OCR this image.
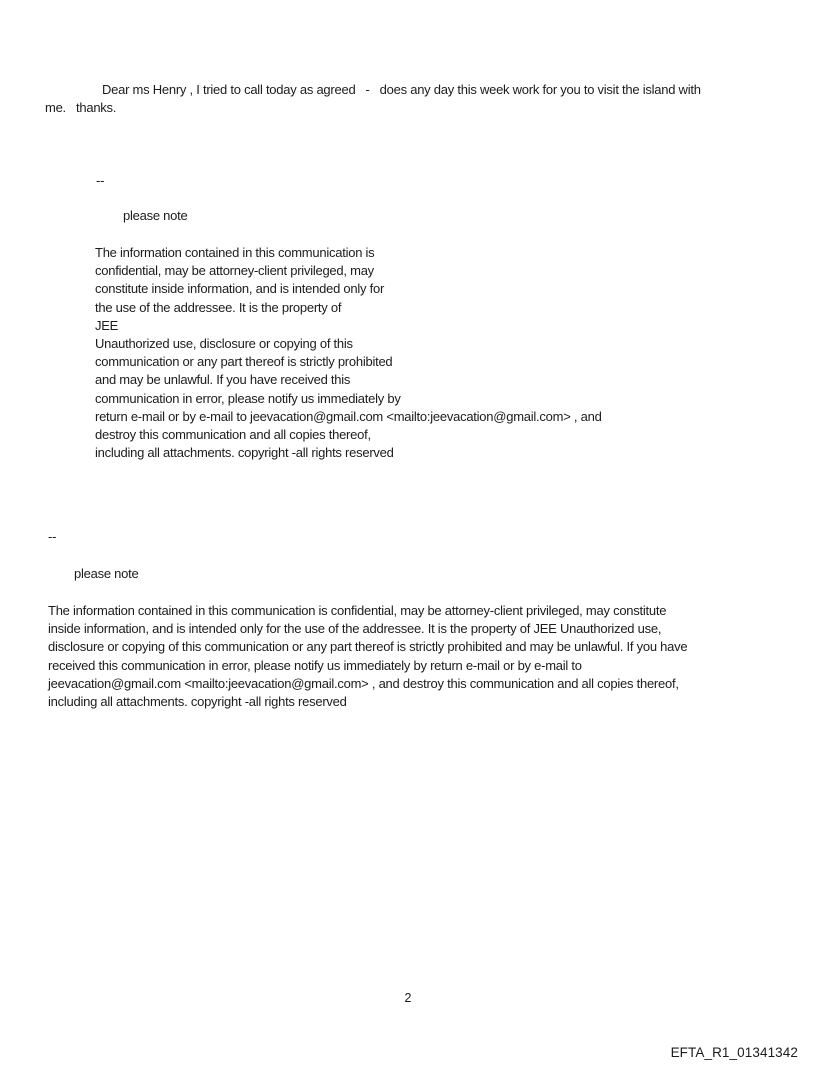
Dear ms Henry , I tried to call today as agreed   -   does any day this week work for you to visit the island with
me.   thanks.
--
please note
The information contained in this communication is
confidential, may be attorney-client privileged, may
constitute inside information, and is intended only for
the use of the addressee. It is the property of
JEE
Unauthorized use, disclosure or copying of this
communication or any part thereof is strictly prohibited
and may be unlawful. If you have received this
communication in error, please notify us immediately by
return e-mail or by e-mail to jeevacation@gmail.com <mailto:jeevacation@gmail.com> , and
destroy this communication and all copies thereof,
including all attachments. copyright -all rights reserved
--
please note
The information contained in this communication is confidential, may be attorney-client privileged, may constitute
inside information, and is intended only for the use of the addressee. It is the property of JEE Unauthorized use,
disclosure or copying of this communication or any part thereof is strictly prohibited and may be unlawful. If you have
received this communication in error, please notify us immediately by return e-mail or by e-mail to
jeevacation@gmail.com <mailto:jeevacation@gmail.com> , and destroy this communication and all copies thereof,
including all attachments. copyright -all rights reserved
2
EFTA_R1_01341342
